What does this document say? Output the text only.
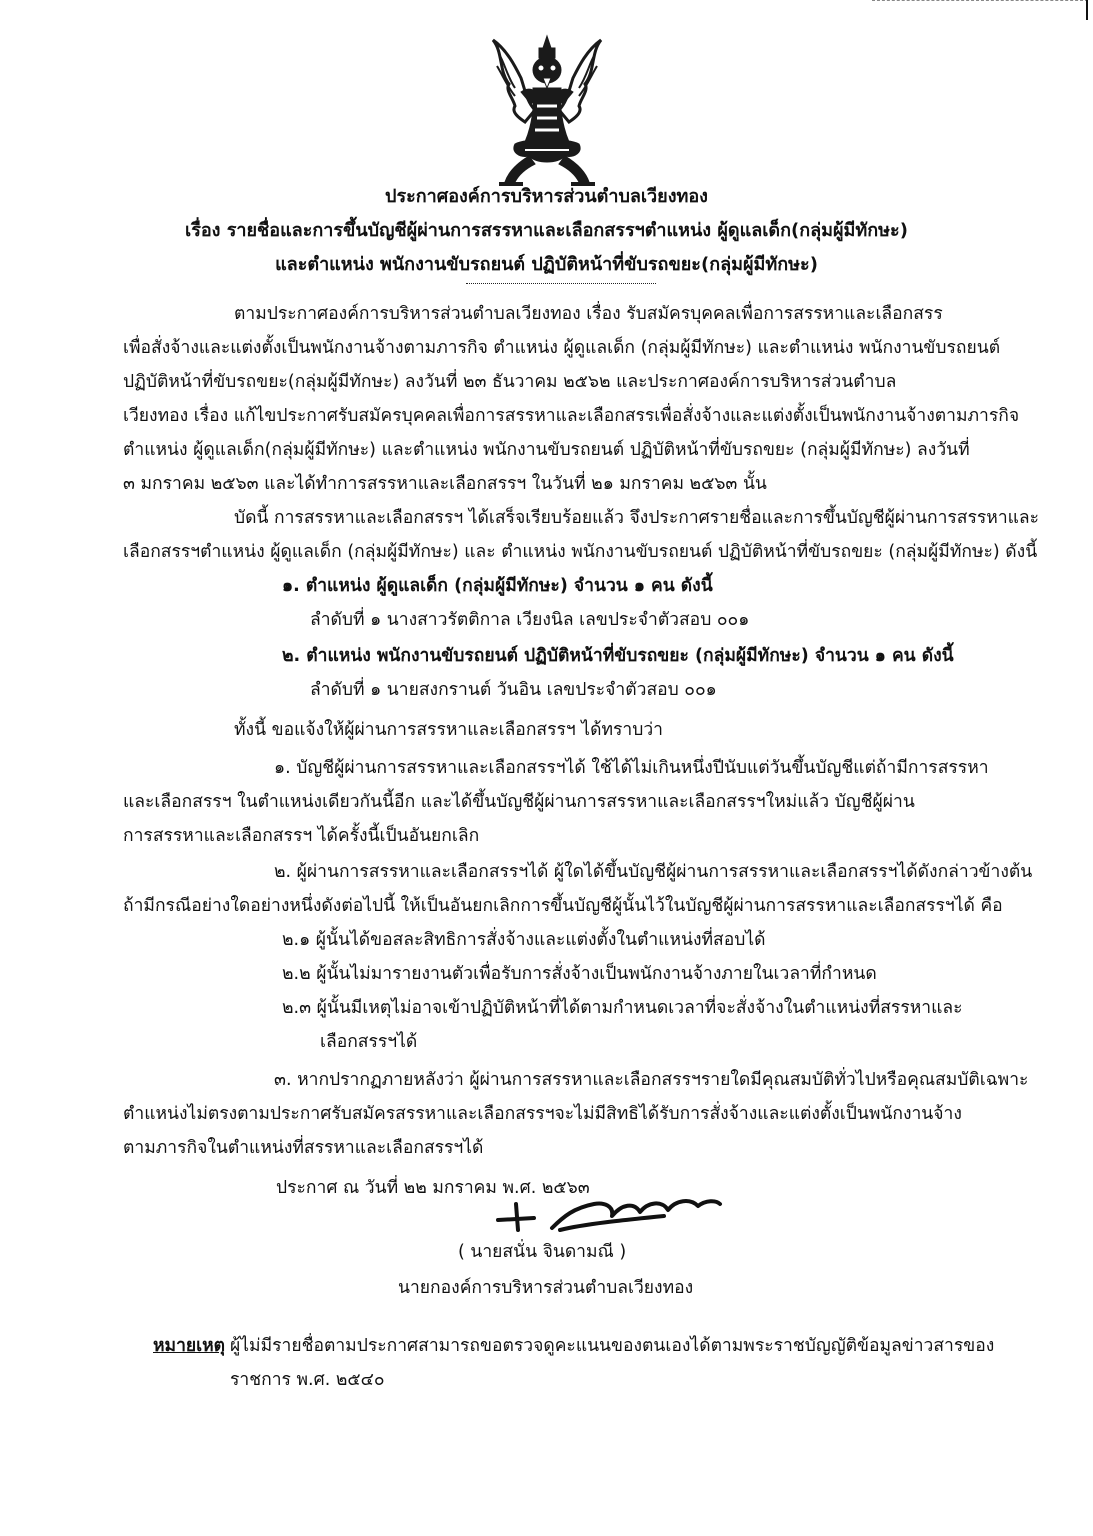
ประกาศองค์การบริหารส่วนตำบลเวียงทอง
เรื่อง รายชื่อและการขึ้นบัญชีผู้ผ่านการสรรหาและเลือกสรรฯตำแหน่ง ผู้ดูแลเด็ก(กลุ่มผู้มีทักษะ)
และตำแหน่ง พนักงานขับรถยนต์ ปฏิบัติหน้าที่ขับรถขยะ(กลุ่มผู้มีทักษะ)
ตามประกาศองค์การบริหารส่วนตำบลเวียงทอง เรื่อง รับสมัครบุคคลเพื่อการสรรหาและเลือกสรร
เพื่อสั่งจ้างและแต่งตั้งเป็นพนักงานจ้างตามภารกิจ ตำแหน่ง ผู้ดูแลเด็ก (กลุ่มผู้มีทักษะ) และตำแหน่ง พนักงานขับรถยนต์
ปฏิบัติหน้าที่ขับรถขยะ(กลุ่มผู้มีทักษะ) ลงวันที่ ๒๓ ธันวาคม ๒๕๖๒ และประกาศองค์การบริหารส่วนตำบล
เวียงทอง เรื่อง แก้ไขประกาศรับสมัครบุคคลเพื่อการสรรหาและเลือกสรรเพื่อสั่งจ้างและแต่งตั้งเป็นพนักงานจ้างตามภารกิจ
ตำแหน่ง ผู้ดูแลเด็ก(กลุ่มผู้มีทักษะ) และตำแหน่ง พนักงานขับรถยนต์ ปฏิบัติหน้าที่ขับรถขยะ (กลุ่มผู้มีทักษะ) ลงวันที่
๓ มกราคม ๒๕๖๓ และได้ทำการสรรหาและเลือกสรรฯ ในวันที่ ๒๑ มกราคม ๒๕๖๓ นั้น
บัดนี้ การสรรหาและเลือกสรรฯ ได้เสร็จเรียบร้อยแล้ว จึงประกาศรายชื่อและการขึ้นบัญชีผู้ผ่านการสรรหาและ
เลือกสรรฯตำแหน่ง ผู้ดูแลเด็ก (กลุ่มผู้มีทักษะ) และ ตำแหน่ง พนักงานขับรถยนต์ ปฏิบัติหน้าที่ขับรถขยะ (กลุ่มผู้มีทักษะ) ดังนี้
๑. ตำแหน่ง ผู้ดูแลเด็ก (กลุ่มผู้มีทักษะ) จำนวน ๑ คน ดังนี้
ลำดับที่ ๑ นางสาวรัตติกาล เวียงนิล เลขประจำตัวสอบ ๐๐๑
๒. ตำแหน่ง พนักงานขับรถยนต์ ปฏิบัติหน้าที่ขับรถขยะ (กลุ่มผู้มีทักษะ) จำนวน ๑ คน ดังนี้
ลำดับที่ ๑ นายสงกรานต์ วันอิน เลขประจำตัวสอบ ๐๐๑
ทั้งนี้ ขอแจ้งให้ผู้ผ่านการสรรหาและเลือกสรรฯ ได้ทราบว่า
๑. บัญชีผู้ผ่านการสรรหาและเลือกสรรฯได้ ใช้ได้ไม่เกินหนึ่งปีนับแต่วันขึ้นบัญชีแต่ถ้ามีการสรรหา
และเลือกสรรฯ ในตำแหน่งเดียวกันนี้อีก และได้ขึ้นบัญชีผู้ผ่านการสรรหาและเลือกสรรฯใหม่แล้ว บัญชีผู้ผ่าน
การสรรหาและเลือกสรรฯ ได้ครั้งนี้เป็นอันยกเลิก
๒. ผู้ผ่านการสรรหาและเลือกสรรฯได้ ผู้ใดได้ขึ้นบัญชีผู้ผ่านการสรรหาและเลือกสรรฯได้ดังกล่าวข้างต้น
ถ้ามีกรณีอย่างใดอย่างหนึ่งดังต่อไปนี้ ให้เป็นอันยกเลิกการขึ้นบัญชีผู้นั้นไว้ในบัญชีผู้ผ่านการสรรหาและเลือกสรรฯได้ คือ
๒.๑ ผู้นั้นได้ขอสละสิทธิการสั่งจ้างและแต่งตั้งในตำแหน่งที่สอบได้
๒.๒ ผู้นั้นไม่มารายงานตัวเพื่อรับการสั่งจ้างเป็นพนักงานจ้างภายในเวลาที่กำหนด
๒.๓ ผู้นั้นมีเหตุไม่อาจเข้าปฏิบัติหน้าที่ได้ตามกำหนดเวลาที่จะสั่งจ้างในตำแหน่งที่สรรหาและ
เลือกสรรฯได้
๓. หากปรากฏภายหลังว่า ผู้ผ่านการสรรหาและเลือกสรรฯรายใดมีคุณสมบัติทั่วไปหรือคุณสมบัติเฉพาะ
ตำแหน่งไม่ตรงตามประกาศรับสมัครสรรหาและเลือกสรรฯจะไม่มีสิทธิได้รับการสั่งจ้างและแต่งตั้งเป็นพนักงานจ้าง
ตามภารกิจในตำแหน่งที่สรรหาและเลือกสรรฯได้
ประกาศ ณ วันที่ ๒๒ มกราคม พ.ศ. ๒๕๖๓
( นายสนั่น จินดามณี )
นายกองค์การบริหารส่วนตำบลเวียงทอง
หมายเหตุ ผู้ไม่มีรายชื่อตามประกาศสามารถขอตรวจดูคะแนนของตนเองได้ตามพระราชบัญญัติข้อมูลข่าวสารของ
ราชการ พ.ศ. ๒๕๔๐
